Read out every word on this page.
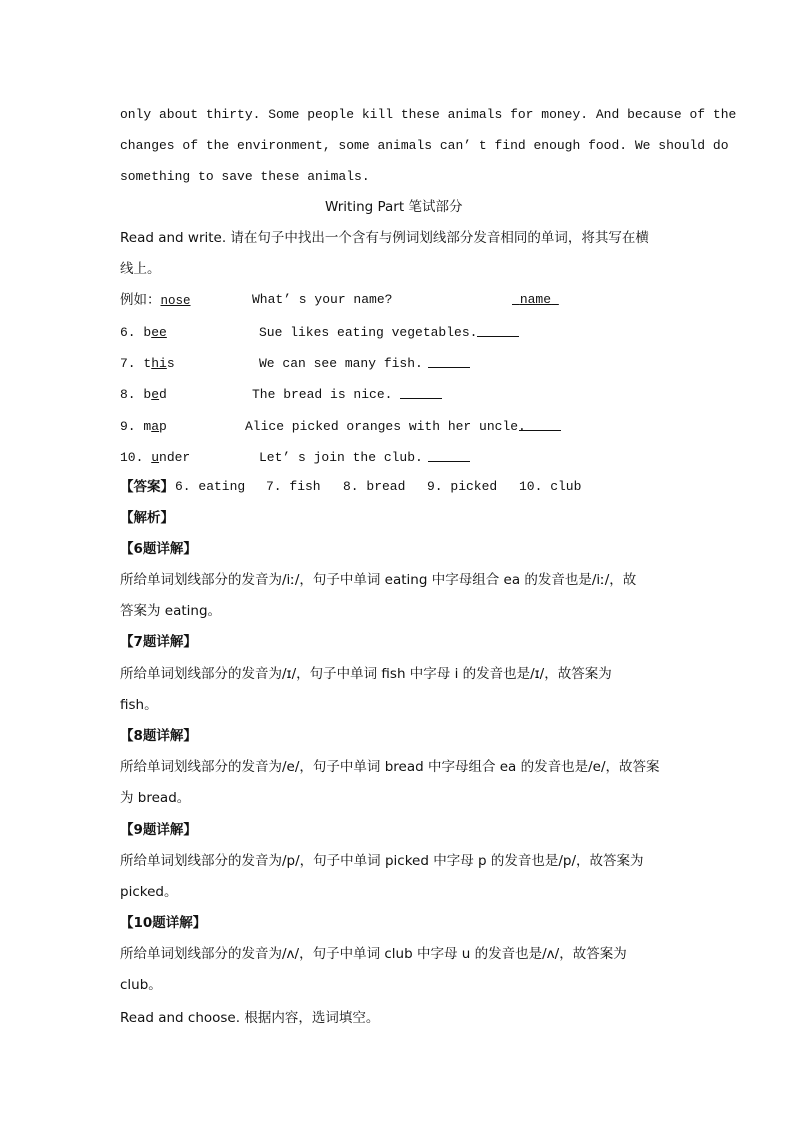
only about thirty. Some people kill these animals for money. And because of the
changes of the environment, some animals can’ t find enough food. We should do
something to save these animals.
Writing Part 笔试部分
Read and write. 请在句子中找出一个含有与例词划线部分发音相同的单词，将其写在横
线上。
例如：nose	What’ s your name?	name
6. bee	Sue likes eating vegetables.
7. this	We can see many fish.
8. bed	The bread is nice.
9. map	Alice picked oranges with her uncle.
10. under	Let’ s join the club.
【答案】 6. eating 7. fish 8. bread 9. picked 10. club
【解析】
【6题详解】
所给单词划线部分的发音为/iː/，句子中单词 eating 中字母组合 ea 的发音也是/iː/，故
答案为 eating。
【7题详解】
所给单词划线部分的发音为/ɪ/，句子中单词 fish 中字母 i 的发音也是/ɪ/，故答案为
fish。
【8题详解】
所给单词划线部分的发音为/e/，句子中单词 bread 中字母组合 ea 的发音也是/e/，故答案
为 bread。
【9题详解】
所给单词划线部分的发音为/p/，句子中单词 picked 中字母 p 的发音也是/p/，故答案为
picked。
【10题详解】
所给单词划线部分的发音为/ʌ/，句子中单词 club 中字母 u 的发音也是/ʌ/，故答案为
club。
Read and choose. 根据内容，选词填空。
